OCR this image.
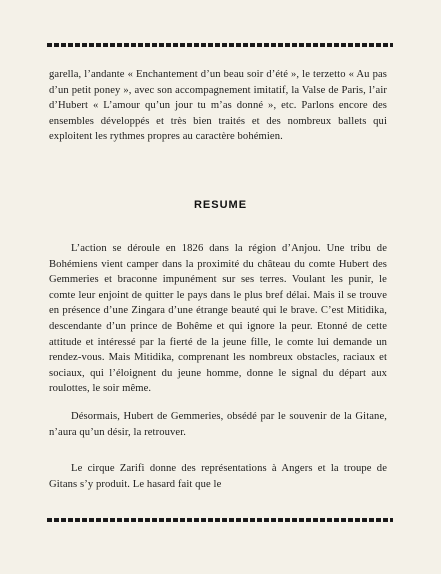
garella, l’andante « Enchantement d’un beau soir d’été », le terzetto « Au pas d’un petit poney », avec son accompagnement imitatif, la Valse de Paris, l’air d’Hubert « L’amour qu’un jour tu m’as donné », etc. Parlons encore des ensembles développés et très bien traités et des nombreux ballets qui exploitent les rythmes propres au caractère bohémien.

RESUME

L’action se déroule en 1826 dans la région d’Anjou. Une tribu de Bohémiens vient camper dans la proximité du château du comte Hubert des Gemmeries et braconne impunément sur ses terres. Voulant les punir, le comte leur enjoint de quitter le pays dans le plus bref délai. Mais il se trouve en présence d’une Zingara d’une étrange beauté qui le brave. C’est Mitidika, descendante d’un prince de Bohême et qui ignore la peur. Etonné de cette attitude et intéressé par la fierté de la jeune fille, le comte lui demande un rendez-vous. Mais Mitidika, comprenant les nombreux obstacles, raciaux et sociaux, qui l’éloignent du jeune homme, donne le signal du départ aux roulottes, le soir même.

Désormais, Hubert de Gemmeries, obsédé par le souvenir de la Gitane, n’aura qu’un désir, la retrouver.

Le cirque Zarifi donne des représentations à Angers et la troupe de Gitans s’y produit. Le hasard fait que le
